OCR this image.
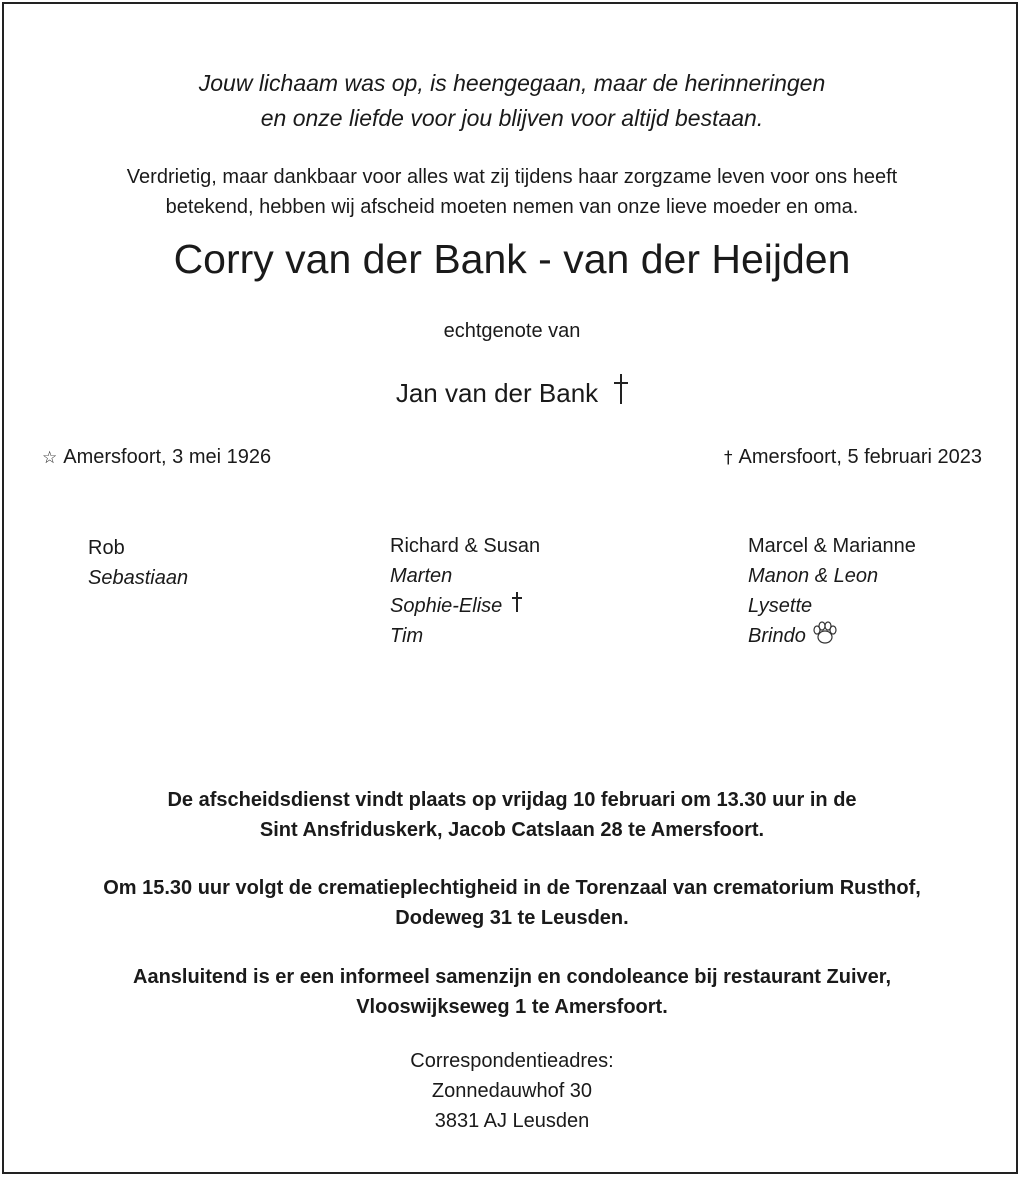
Jouw lichaam was op, is heengegaan, maar de herinneringen
en onze liefde voor jou blijven voor altijd bestaan.
Verdrietig, maar dankbaar voor alles wat zij tijdens haar zorgzame leven voor ons heeft
betekend, hebben wij afscheid moeten nemen van onze lieve moeder en oma.
Corry van der Bank - van der Heijden
echtgenote van
Jan van der Bank
☆ Amersfoort, 3 mei 1926	† Amersfoort, 5 februari 2023
Rob
Sebastiaan
Richard & Susan
Marten
Sophie-Elise
Tim
Marcel & Marianne
Manon & Leon
Lysette
Brindo
De afscheidsdienst vindt plaats op vrijdag 10 februari om 13.30 uur in de
Sint Ansfriduskerk, Jacob Catslaan 28 te Amersfoort.
Om 15.30 uur volgt de crematieplechtigheid in de Torenzaal van crematorium Rusthof,
Dodeweg 31 te Leusden.
Aansluitend is er een informeel samenzijn en condoleance bij restaurant Zuiver,
Vlooswijkseweg 1 te Amersfoort.
Correspondentieadres:
Zonnedauwhof 30
3831 AJ Leusden
